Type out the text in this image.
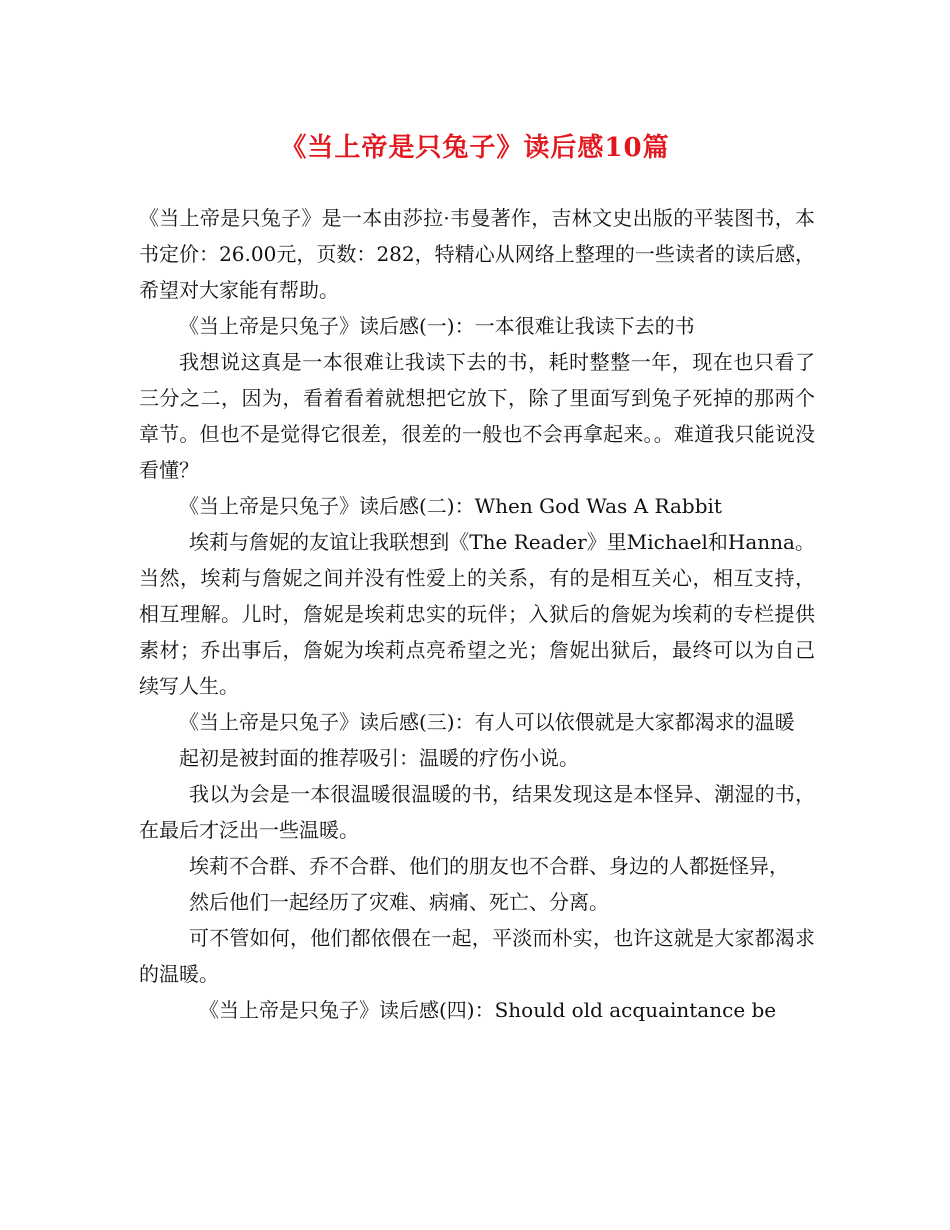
《当上帝是只兔子》读后感10篇

《当上帝是只兔子》是一本由莎拉·韦曼著作，吉林文史出版的平装图书，本书定价：26.00元，页数：282，特精心从网络上整理的一些读者的读后感，希望对大家能有帮助。

《当上帝是只兔子》读后感(一)：一本很难让我读下去的书

我想说这真是一本很难让我读下去的书，耗时整整一年，现在也只看了三分之二，因为，看着看着就想把它放下，除了里面写到兔子死掉的那两个章节。但也不是觉得它很差，很差的一般也不会再拿起来。。难道我只能说没看懂？

《当上帝是只兔子》读后感(二)：When God Was A Rabbit

埃莉与詹妮的友谊让我联想到《The Reader》里Michael和Hanna。当然，埃莉与詹妮之间并没有性爱上的关系，有的是相互关心，相互支持，相互理解。儿时，詹妮是埃莉忠实的玩伴；入狱后的詹妮为埃莉的专栏提供素材；乔出事后，詹妮为埃莉点亮希望之光；詹妮出狱后，最终可以为自己续写人生。

《当上帝是只兔子》读后感(三)：有人可以依偎就是大家都渴求的温暖

起初是被封面的推荐吸引：温暖的疗伤小说。

我以为会是一本很温暖很温暖的书，结果发现这是本怪异、潮湿的书，在最后才泛出一些温暖。

埃莉不合群、乔不合群、他们的朋友也不合群、身边的人都挺怪异，

然后他们一起经历了灾难、病痛、死亡、分离。

可不管如何，他们都依偎在一起，平淡而朴实，也许这就是大家都渴求的温暖。

《当上帝是只兔子》读后感(四)：Should old acquaintance be
